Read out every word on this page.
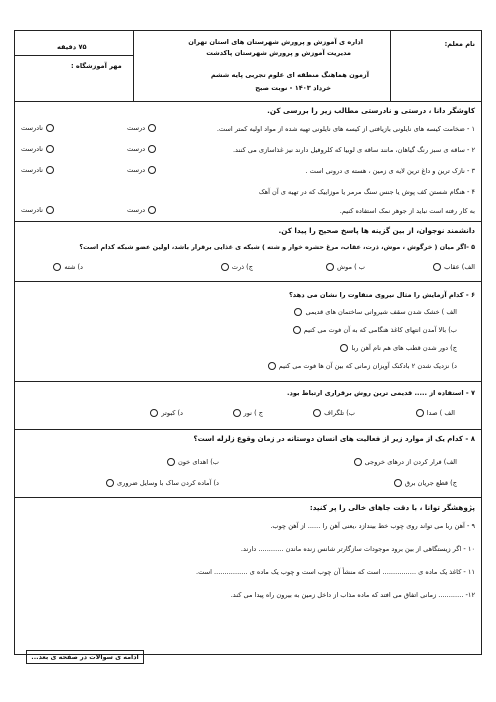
نام معلم:
اداره ی آموزش و پرورش شهرستان های استان تهران
مدیریت آموزش و پرورش شهرستان پاکدشت
آزمون هماهنگ منطقه ای علوم تجربی پایه ششم
خرداد ۱۴۰۳ - نوبت صبح
۷۵ دقیقه
مهر آموزشگاه :
کاوشگر دانا ، درستی و نادرستی مطالب زیر را بررسی کن.
۱ - ضخامت کیسه های نایلونی بازیافتی از کیسه های نایلونی تهیه شده از مواد اولیه کمتر است.
درست
نادرست
۲ - ساقه ی سبز رنگ گیاهان، مانند ساقه ی لوبیا که کلروفیل دارند نیز غذاسازی می کنند.
درست
نادرست
۳ - نازک ترین و داغ ترین لایه ی زمین ، هسته ی درونی است .
درست
نادرست
۴ - هنگام شستن کف پوش یا جنس سنگ مرمر یا موزاییک که در تهیه ی آن آهک
به کار رفته است نباید از جوهر نمک استفاده کنیم.
درست
نادرست
دانشمند نوجوان، از بین گزینه ها پاسخ صحیح را پیدا کن.
۵ -اگر میان ( خرگوش ، موش، ذرت، عقاب، مرغ حشره خوار و شته ) شبکه ی غذایی برقرار باشد، اولین عضو شبکه کدام است؟
الف) عقاب
ب ) موش
ج) ذرت
د) شته
۶ - کدام آزمایش را مثال نیروی متفاوت را نشان می دهد؟
الف ) خشک شدن سقف شیروانی ساختمان های قدیمی
ب) بالا آمدن انتهای کاغذ هنگامی که به آن فوت می کنیم
ج) دور شدن قطب های هم نام آهن ربا
د) نزدیک شدن ۲ بادکنک آویزان زمانی که بین آن ها فوت می کنیم
۷ - استفاده از ..... قدیمی ترین روش برقراری ارتباط بود.
الف ) صدا
ب) تلگراف
ج ) نور
د) کبوتر
۸ - کدام یک از موارد زیر از فعالیت های انسان دوستانه در زمان وقوع زلزله است؟
الف) فرار کردن از درهای خروجی
ب) اهدای خون
ج) قطع جریان برق
د) آماده کردن ساک با وسایل ضروری
پژوهشگر توانا ، با دقت جاهای خالی را پر کنید:
۹ - آهن ربا می تواند روی چوب خط بیندازد ،یعنی آهن را ...... از آهن چوب.
۱۰ - اگر زیستگاهی از بین برود موجودات سازگارتر شانس زنده ماندن ............ دارند.
۱۱ - کاغذ یک ماده ی ................ است که منشأ آن چوب است و چوب یک ماده ی ................ است.
۱۲- ............ زمانی اتفاق می افتد که ماده مذاب از داخل زمین به بیرون راه پیدا می کند.
ادامه ی سوالات در صفحه ی بعد...
